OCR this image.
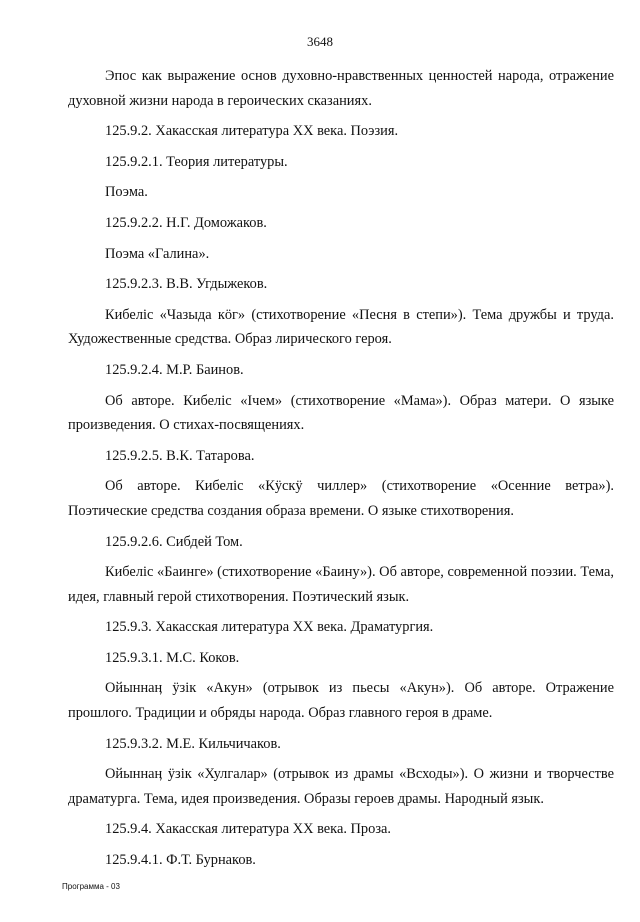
3648

Эпос как выражение основ духовно-нравственных ценностей народа, отражение духовной жизни народа в героических сказаниях.

125.9.2. Хакасская литература XX века. Поэзия.

125.9.2.1. Теория литературы.

Поэма.

125.9.2.2. Н.Г. Доможаков.

Поэма «Галина».

125.9.2.3. В.В. Угдыжеков.

Кибеліс «Чазыда кӧг» (стихотворение «Песня в степи»). Тема дружбы и труда. Художественные средства. Образ лирического героя.

125.9.2.4. М.Р. Баинов.

Об авторе. Кибеліс «Ічем» (стихотворение «Мама»). Образ матери. О языке произведения. О стихах-посвящениях.

125.9.2.5. В.К. Татарова.

Об авторе. Кибеліс «Кӱскӱ чиллер» (стихотворение «Осенние ветра»). Поэтические средства создания образа времени. О языке стихотворения.

125.9.2.6. Сибдей Том.

Кибеліс «Баинге» (стихотворение «Баину»). Об авторе, современной поэзии. Тема, идея, главный герой стихотворения. Поэтический язык.

125.9.3. Хакасская литература XX века. Драматургия.

125.9.3.1. М.С. Коков.

Ойыннаӊ ӱзік «Акун» (отрывок из пьесы «Акун»). Об авторе. Отражение прошлого. Традиции и обряды народа. Образ главного героя в драме.

125.9.3.2. М.Е. Кильчичаков.

Ойыннаӊ ӱзік «Хулгалар» (отрывок из драмы «Всходы»). О жизни и творчестве драматурга. Тема, идея произведения. Образы героев драмы. Народный язык.

125.9.4. Хакасская литература XX века. Проза.

125.9.4.1. Ф.Т. Бурнаков.

Программа - 03
